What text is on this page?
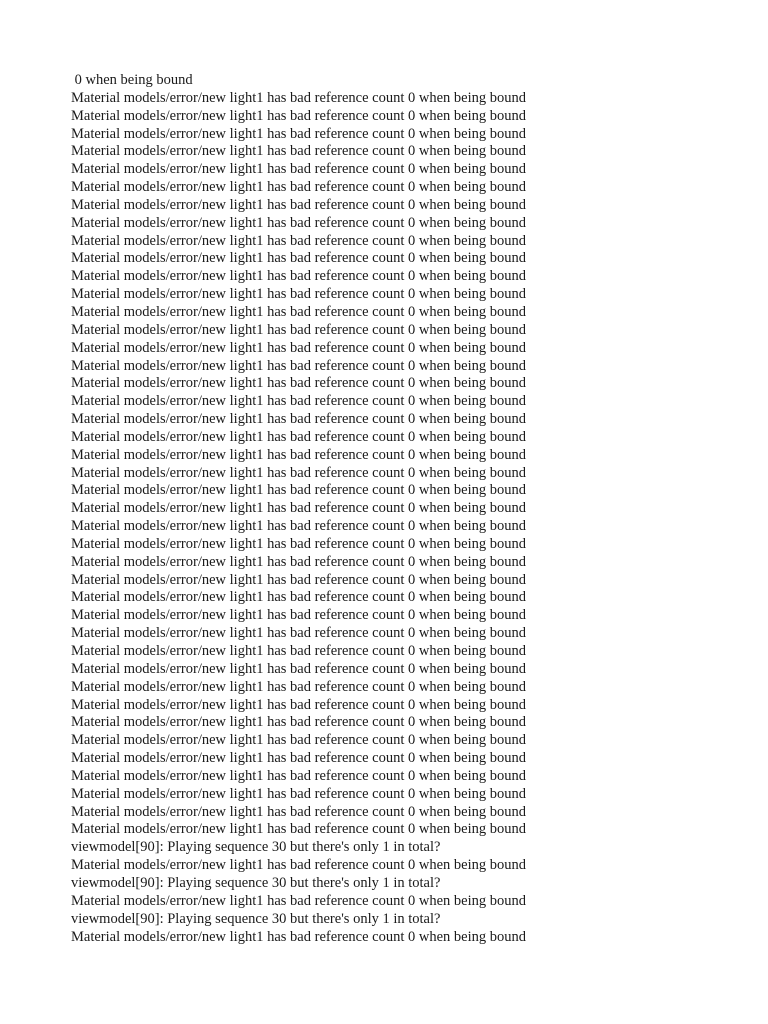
0 when being bound
Material models/error/new light1 has bad reference count 0 when being bound
Material models/error/new light1 has bad reference count 0 when being bound
Material models/error/new light1 has bad reference count 0 when being bound
Material models/error/new light1 has bad reference count 0 when being bound
Material models/error/new light1 has bad reference count 0 when being bound
Material models/error/new light1 has bad reference count 0 when being bound
Material models/error/new light1 has bad reference count 0 when being bound
Material models/error/new light1 has bad reference count 0 when being bound
Material models/error/new light1 has bad reference count 0 when being bound
Material models/error/new light1 has bad reference count 0 when being bound
Material models/error/new light1 has bad reference count 0 when being bound
Material models/error/new light1 has bad reference count 0 when being bound
Material models/error/new light1 has bad reference count 0 when being bound
Material models/error/new light1 has bad reference count 0 when being bound
Material models/error/new light1 has bad reference count 0 when being bound
Material models/error/new light1 has bad reference count 0 when being bound
Material models/error/new light1 has bad reference count 0 when being bound
Material models/error/new light1 has bad reference count 0 when being bound
Material models/error/new light1 has bad reference count 0 when being bound
Material models/error/new light1 has bad reference count 0 when being bound
Material models/error/new light1 has bad reference count 0 when being bound
Material models/error/new light1 has bad reference count 0 when being bound
Material models/error/new light1 has bad reference count 0 when being bound
Material models/error/new light1 has bad reference count 0 when being bound
Material models/error/new light1 has bad reference count 0 when being bound
Material models/error/new light1 has bad reference count 0 when being bound
Material models/error/new light1 has bad reference count 0 when being bound
Material models/error/new light1 has bad reference count 0 when being bound
Material models/error/new light1 has bad reference count 0 when being bound
Material models/error/new light1 has bad reference count 0 when being bound
Material models/error/new light1 has bad reference count 0 when being bound
Material models/error/new light1 has bad reference count 0 when being bound
Material models/error/new light1 has bad reference count 0 when being bound
Material models/error/new light1 has bad reference count 0 when being bound
Material models/error/new light1 has bad reference count 0 when being bound
Material models/error/new light1 has bad reference count 0 when being bound
Material models/error/new light1 has bad reference count 0 when being bound
Material models/error/new light1 has bad reference count 0 when being bound
Material models/error/new light1 has bad reference count 0 when being bound
Material models/error/new light1 has bad reference count 0 when being bound
Material models/error/new light1 has bad reference count 0 when being bound
Material models/error/new light1 has bad reference count 0 when being bound
viewmodel[90]: Playing sequence 30 but there's only 1 in total?
Material models/error/new light1 has bad reference count 0 when being bound
viewmodel[90]: Playing sequence 30 but there's only 1 in total?
Material models/error/new light1 has bad reference count 0 when being bound
viewmodel[90]: Playing sequence 30 but there's only 1 in total?
Material models/error/new light1 has bad reference count 0 when being bound
